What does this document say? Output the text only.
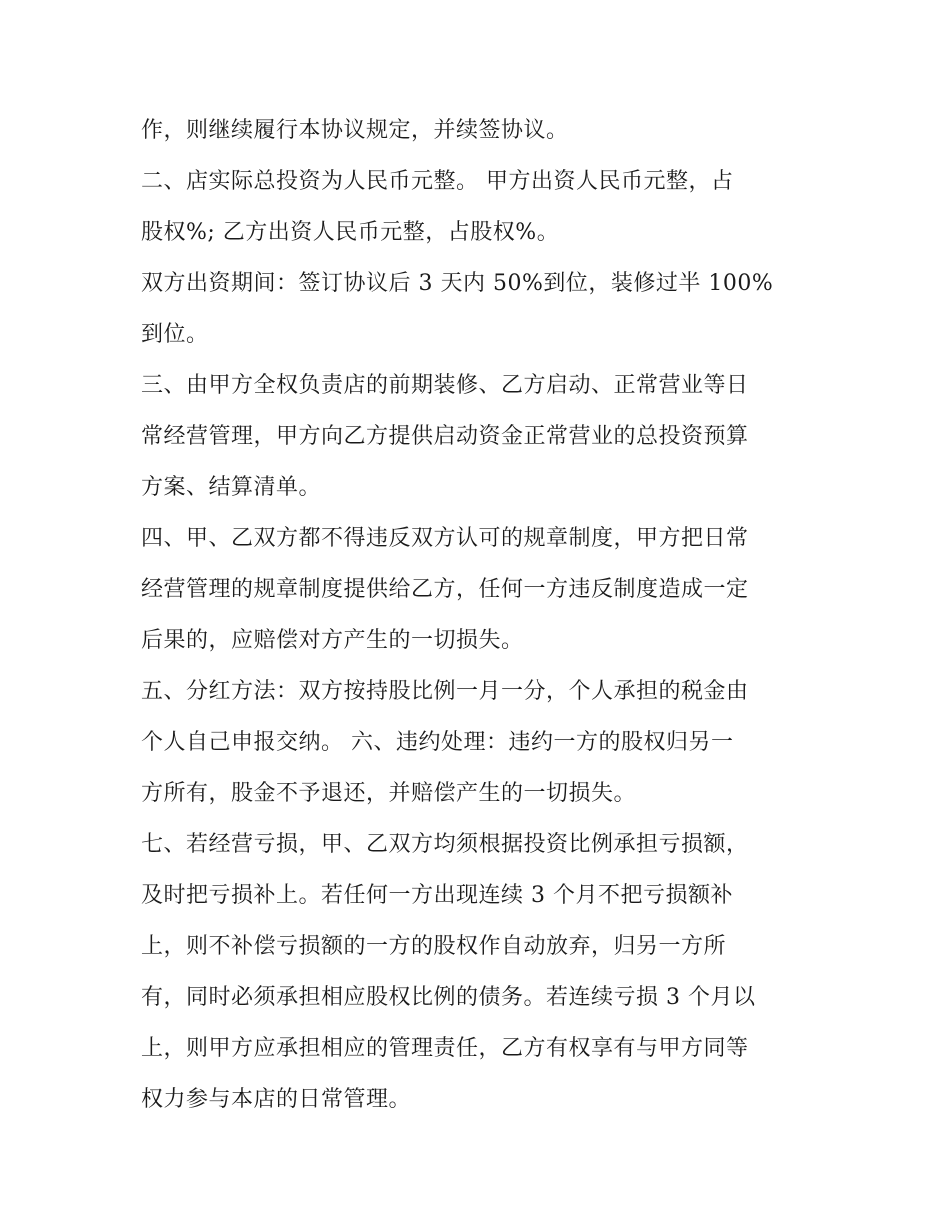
作，则继续履行本协议规定，并续签协议。
二、店实际总投资为人民币元整。 甲方出资人民币元整，占
股权%; 乙方出资人民币元整，占股权%。
双方出资期间：签订协议后 3 天内 50%到位，装修过半 100%
到位。
三、由甲方全权负责店的前期装修、乙方启动、正常营业等日
常经营管理，甲方向乙方提供启动资金正常营业的总投资预算
方案、结算清单。
四、甲、乙双方都不得违反双方认可的规章制度，甲方把日常
经营管理的规章制度提供给乙方，任何一方违反制度造成一定
后果的，应赔偿对方产生的一切损失。
五、分红方法：双方按持股比例一月一分，个人承担的税金由
个人自己申报交纳。 六、违约处理：违约一方的股权归另一
方所有，股金不予退还，并赔偿产生的一切损失。
七、若经营亏损，甲、乙双方均须根据投资比例承担亏损额，
及时把亏损补上。若任何一方出现连续 3 个月不把亏损额补
上，则不补偿亏损额的一方的股权作自动放弃，归另一方所
有，同时必须承担相应股权比例的债务。若连续亏损 3 个月以
上，则甲方应承担相应的管理责任，乙方有权享有与甲方同等
权力参与本店的日常管理。
